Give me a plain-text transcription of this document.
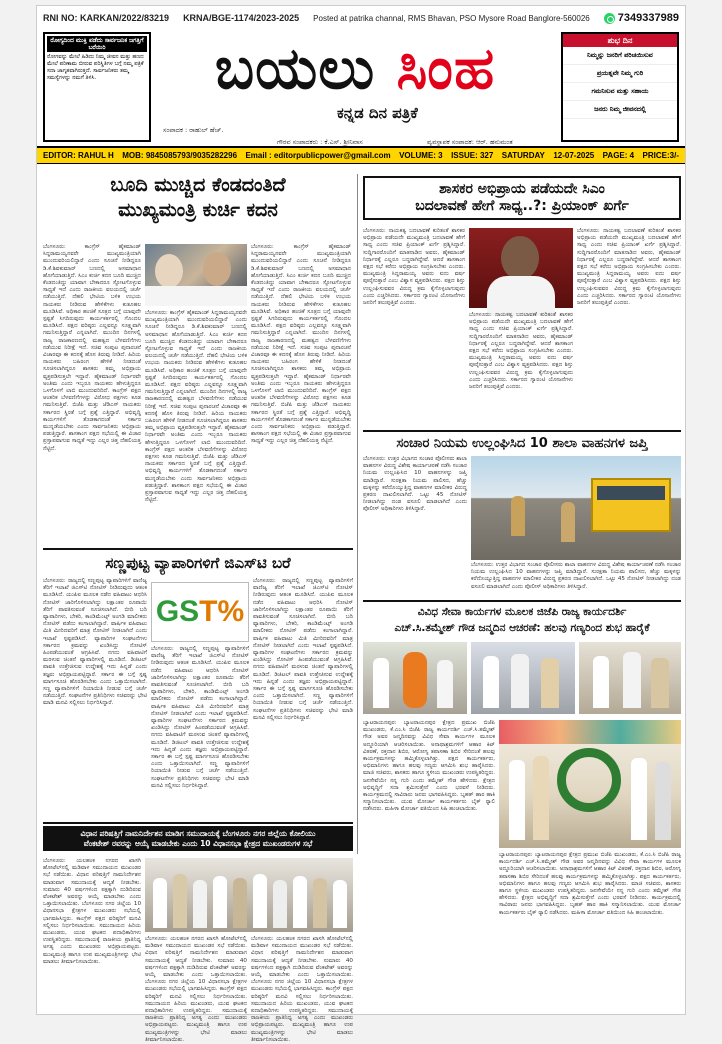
RNI NO: KARKAN/2022/83219 KRNA/BGE-1174/2023-2025 Posted at patrika channal, RMS Bhavan, PSO Mysore Road Banglore-560026	7349337989
ರೋಗ್ಯದಿಂದ ಮುಕ್ತಿ ಪಡೆದು ಸಾರ್ವಜನಿಕ ಜಗತ್ತಿಗೆ ಬರೆಯಿರಿ
ರೋಗವನ್ನು ಮೇಲೆ ಹಿಡಿದು ನಿಮ್ಮ ಜೀವನ ಮತ್ತು ಹಣದ ಮೇಲೆ ಪರಿಣಾಮ ಬೀರುವ ಪರಿಸ್ಥಿತಿಗಳ ಬಗ್ಗೆ ನಮ್ಮ ಪತ್ರಿಕೆ ಸದಾ ಜಾಗೃತವಾಗಿರುತ್ತದೆ. ಸಾರ್ವಜನಿಕರು ತಮ್ಮ ಸಮಸ್ಯೆಗಳನ್ನು ನಮಗೆ ತಿಳಿಸಿ.	ಬಯಲು ಸಿಂಹ
ಕನ್ನಡ ದಿನ ಪತ್ರಿಕೆ
ಸಂಪಾದಕ : ರಾಹುಲ್ ಹೆಚ್.
ಗೌರವ ಸಂಪಾದಕರು : ಕೆ.ಎಸ್. ಶ್ರೀನಿವಾಸ	ವ್ಯವಸ್ಥಾಪಕ ಸಂಪಾದಕ: ಆರ್. ಹನುಮಂತ
ಶುಭ ದಿನ
ನಿಮ್ಮನ್ನು ಜನರಿಗೆ ಪರಿಚಯಿಸುವ
ಪ್ರಯತ್ನವೇ ನಿಮ್ಮ ಗುರಿ
ಗಮನಿಸುವ ಮತ್ತು ಸಹಾಯ
ಜನರು ನಿಮ್ಮ ಜೀವನದಲ್ಲಿ
EDITOR: RAHUL H MOB: 9845085793/9035282296 Email : editorpublicpower@gmail.com VOLUME: 3 ISSUE: 327 SATURDAY 12-07-2025 PAGE: 4 PRICE:3/-
ಬೂದಿ ಮುಚ್ಚಿದ ಕೆಂಡದಂತಿದೆ
ಮುಖ್ಯಮಂತ್ರಿ ಕುರ್ಚಿ ಕದನ
ಬೆಂಗಳೂರು: ಕಾಂಗ್ರೆಸ್ ಹೈಕಮಾಂಡ್ ಸಿದ್ದರಾಮಯ್ಯನವರೇ ಮುಖ್ಯಮಂತ್ರಿಯಾಗಿ ಮುಂದುವರಿಯಲಿದ್ದಾರೆ ಎಂದು ಸೂಚನೆ ನೀಡಿದ್ದರೂ ಡಿ.ಕೆ.ಶಿವಕುಮಾರ್ ಬಣದಲ್ಲಿ ಅಸಮಾಧಾನ ಹೊಗೆಯಾಡುತ್ತಿದೆ. ಸಿಎಂ ಕುರ್ಚಿ ಕದನ ಬೂದಿ ಮುಚ್ಚಿದ ಕೆಂಡದಂತಿದ್ದು ಯಾವಾಗ ಬೇಕಾದರೂ ಸ್ಫೋಟಗೊಳ್ಳುವ ಸಾಧ್ಯತೆ ಇದೆ ಎಂದು ರಾಜಕೀಯ ವಲಯದಲ್ಲಿ ಚರ್ಚೆ ನಡೆಯುತ್ತಿದೆ. ದೆಹಲಿ ಭೇಟಿಯ ಬಳಿಕ ಉಭಯ ನಾಯಕರು ನೀಡಿರುವ ಹೇಳಿಕೆಗಳು ಕುತೂಹಲ ಮೂಡಿಸಿವೆ. ಅಧಿಕಾರ ಹಂಚಿಕೆ ಸೂತ್ರದ ಬಗ್ಗೆ ಯಾವುದೇ ಸ್ಪಷ್ಟತೆ ಸಿಗದಿರುವುದು ಕಾರ್ಯಕರ್ತರಲ್ಲಿ ಗೊಂದಲ ಮೂಡಿಸಿದೆ. ಪಕ್ಷದ ವರಿಷ್ಠರು ಎಲ್ಲವನ್ನೂ ಸೂಕ್ಷ್ಮವಾಗಿ ಗಮನಿಸುತ್ತಿದ್ದಾರೆ ಎನ್ನಲಾಗಿದೆ. ಮುಂದಿನ ದಿನಗಳಲ್ಲಿ ರಾಜ್ಯ ರಾಜಕಾರಣದಲ್ಲಿ ಮಹತ್ವದ ಬೆಳವಣಿಗೆಗಳು ನಡೆಯುವ ನಿರೀಕ್ಷೆ ಇದೆ. ಸಚಿವ ಸಂಪುಟ ಪುನಾರಚನೆ ವಿಚಾರವೂ ಈ ಕದನಕ್ಕೆ ಹೊಸ ತಿರುವು ನೀಡಿದೆ. ಹಿರಿಯ ನಾಯಕರು ಬಹಿರಂಗ ಹೇಳಿಕೆ ನೀಡದಂತೆ ಸೂಚಿಸಲಾಗಿದ್ದರೂ ಶಾಸಕರು ತಮ್ಮ ಅಭಿಪ್ರಾಯ ವ್ಯಕ್ತಪಡಿಸುತ್ತಲೇ ಇದ್ದಾರೆ. ಹೈಕಮಾಂಡ್ ನಿರ್ಧಾರವೇ ಅಂತಿಮ ಎಂದು ಇಬ್ಬರೂ ನಾಯಕರು ಹೇಳುತ್ತಿದ್ದರೂ ಒಳಗೊಳಗೆ ಲಾಬಿ ಮುಂದುವರಿದಿದೆ. ಕಾಂಗ್ರೆಸ್ ಪಕ್ಷದ ಆಂತರಿಕ ಬೆಳವಣಿಗೆಗಳನ್ನು ವಿರೋಧ ಪಕ್ಷಗಳು ಕೂಡ ಗಮನಿಸುತ್ತಿವೆ. ಬಿಜೆಪಿ ಮತ್ತು ಜೆಡಿಎಸ್ ನಾಯಕರು ಸರ್ಕಾರದ ಸ್ಥಿರತೆ ಬಗ್ಗೆ ಪ್ರಶ್ನೆ ಎತ್ತಿದ್ದಾರೆ. ಅಭಿವೃದ್ಧಿ ಕಾರ್ಯಗಳಿಗೆ ತೊಡಕಾಗದಂತೆ ಸರ್ಕಾರ ಮುನ್ನಡೆಯಬೇಕು ಎಂದು ಸಾರ್ವಜನಿಕರು ಅಭಿಪ್ರಾಯ ಪಡುತ್ತಿದ್ದಾರೆ. ಶಾಸಕಾಂಗ ಪಕ್ಷದ ಸಭೆಯಲ್ಲಿ ಈ ವಿಚಾರ ಪ್ರಸ್ತಾಪವಾಗುವ ಸಾಧ್ಯತೆ ಇದ್ದು ಎಲ್ಲರ ಚಿತ್ತ ದೆಹಲಿಯತ್ತ ನೆಟ್ಟಿದೆ.
ಬೆಂಗಳೂರು: ಕಾಂಗ್ರೆಸ್ ಹೈಕಮಾಂಡ್ ಸಿದ್ದರಾಮಯ್ಯನವರೇ ಮುಖ್ಯಮಂತ್ರಿಯಾಗಿ ಮುಂದುವರಿಯಲಿದ್ದಾರೆ ಎಂದು ಸೂಚನೆ ನೀಡಿದ್ದರೂ ಡಿ.ಕೆ.ಶಿವಕುಮಾರ್ ಬಣದಲ್ಲಿ ಅಸಮಾಧಾನ ಹೊಗೆಯಾಡುತ್ತಿದೆ. ಸಿಎಂ ಕುರ್ಚಿ ಕದನ ಬೂದಿ ಮುಚ್ಚಿದ ಕೆಂಡದಂತಿದ್ದು ಯಾವಾಗ ಬೇಕಾದರೂ ಸ್ಫೋಟಗೊಳ್ಳುವ ಸಾಧ್ಯತೆ ಇದೆ ಎಂದು ರಾಜಕೀಯ ವಲಯದಲ್ಲಿ ಚರ್ಚೆ ನಡೆಯುತ್ತಿದೆ. ದೆಹಲಿ ಭೇಟಿಯ ಬಳಿಕ ಉಭಯ ನಾಯಕರು ನೀಡಿರುವ ಹೇಳಿಕೆಗಳು ಕುತೂಹಲ ಮೂಡಿಸಿವೆ. ಅಧಿಕಾರ ಹಂಚಿಕೆ ಸೂತ್ರದ ಬಗ್ಗೆ ಯಾವುದೇ ಸ್ಪಷ್ಟತೆ ಸಿಗದಿರುವುದು ಕಾರ್ಯಕರ್ತರಲ್ಲಿ ಗೊಂದಲ ಮೂಡಿಸಿದೆ. ಪಕ್ಷದ ವರಿಷ್ಠರು ಎಲ್ಲವನ್ನೂ ಸೂಕ್ಷ್ಮವಾಗಿ ಗಮನಿಸುತ್ತಿದ್ದಾರೆ ಎನ್ನಲಾಗಿದೆ. ಮುಂದಿನ ದಿನಗಳಲ್ಲಿ ರಾಜ್ಯ ರಾಜಕಾರಣದಲ್ಲಿ ಮಹತ್ವದ ಬೆಳವಣಿಗೆಗಳು ನಡೆಯುವ ನಿರೀಕ್ಷೆ ಇದೆ. ಸಚಿವ ಸಂಪುಟ ಪುನಾರಚನೆ ವಿಚಾರವೂ ಈ ಕದನಕ್ಕೆ ಹೊಸ ತಿರುವು ನೀಡಿದೆ. ಹಿರಿಯ ನಾಯಕರು ಬಹಿರಂಗ ಹೇಳಿಕೆ ನೀಡದಂತೆ ಸೂಚಿಸಲಾಗಿದ್ದರೂ ಶಾಸಕರು ತಮ್ಮ ಅಭಿಪ್ರಾಯ ವ್ಯಕ್ತಪಡಿಸುತ್ತಲೇ ಇದ್ದಾರೆ. ಹೈಕಮಾಂಡ್ ನಿರ್ಧಾರವೇ ಅಂತಿಮ ಎಂದು ಇಬ್ಬರೂ ನಾಯಕರು ಹೇಳುತ್ತಿದ್ದರೂ ಒಳಗೊಳಗೆ ಲಾಬಿ ಮುಂದುವರಿದಿದೆ. ಕಾಂಗ್ರೆಸ್ ಪಕ್ಷದ ಆಂತರಿಕ ಬೆಳವಣಿಗೆಗಳನ್ನು ವಿರೋಧ ಪಕ್ಷಗಳು ಕೂಡ ಗಮನಿಸುತ್ತಿವೆ. ಬಿಜೆಪಿ ಮತ್ತು ಜೆಡಿಎಸ್ ನಾಯಕರು ಸರ್ಕಾರದ ಸ್ಥಿರತೆ ಬಗ್ಗೆ ಪ್ರಶ್ನೆ ಎತ್ತಿದ್ದಾರೆ. ಅಭಿವೃದ್ಧಿ ಕಾರ್ಯಗಳಿಗೆ ತೊಡಕಾಗದಂತೆ ಸರ್ಕಾರ ಮುನ್ನಡೆಯಬೇಕು ಎಂದು ಸಾರ್ವಜನಿಕರು ಅಭಿಪ್ರಾಯ ಪಡುತ್ತಿದ್ದಾರೆ. ಶಾಸಕಾಂಗ ಪಕ್ಷದ ಸಭೆಯಲ್ಲಿ ಈ ವಿಚಾರ ಪ್ರಸ್ತಾಪವಾಗುವ ಸಾಧ್ಯತೆ ಇದ್ದು ಎಲ್ಲರ ಚಿತ್ತ ದೆಹಲಿಯತ್ತ ನೆಟ್ಟಿದೆ.
ಬೆಂಗಳೂರು: ಕಾಂಗ್ರೆಸ್ ಹೈಕಮಾಂಡ್ ಸಿದ್ದರಾಮಯ್ಯನವರೇ ಮುಖ್ಯಮಂತ್ರಿಯಾಗಿ ಮುಂದುವರಿಯಲಿದ್ದಾರೆ ಎಂದು ಸೂಚನೆ ನೀಡಿದ್ದರೂ ಡಿ.ಕೆ.ಶಿವಕುಮಾರ್ ಬಣದಲ್ಲಿ ಅಸಮಾಧಾನ ಹೊಗೆಯಾಡುತ್ತಿದೆ. ಸಿಎಂ ಕುರ್ಚಿ ಕದನ ಬೂದಿ ಮುಚ್ಚಿದ ಕೆಂಡದಂತಿದ್ದು ಯಾವಾಗ ಬೇಕಾದರೂ ಸ್ಫೋಟಗೊಳ್ಳುವ ಸಾಧ್ಯತೆ ಇದೆ ಎಂದು ರಾಜಕೀಯ ವಲಯದಲ್ಲಿ ಚರ್ಚೆ ನಡೆಯುತ್ತಿದೆ. ದೆಹಲಿ ಭೇಟಿಯ ಬಳಿಕ ಉಭಯ ನಾಯಕರು ನೀಡಿರುವ ಹೇಳಿಕೆಗಳು ಕುತೂಹಲ ಮೂಡಿಸಿವೆ. ಅಧಿಕಾರ ಹಂಚಿಕೆ ಸೂತ್ರದ ಬಗ್ಗೆ ಯಾವುದೇ ಸ್ಪಷ್ಟತೆ ಸಿಗದಿರುವುದು ಕಾರ್ಯಕರ್ತರಲ್ಲಿ ಗೊಂದಲ ಮೂಡಿಸಿದೆ. ಪಕ್ಷದ ವರಿಷ್ಠರು ಎಲ್ಲವನ್ನೂ ಸೂಕ್ಷ್ಮವಾಗಿ ಗಮನಿಸುತ್ತಿದ್ದಾರೆ ಎನ್ನಲಾಗಿದೆ. ಮುಂದಿನ ದಿನಗಳಲ್ಲಿ ರಾಜ್ಯ ರಾಜಕಾರಣದಲ್ಲಿ ಮಹತ್ವದ ಬೆಳವಣಿಗೆಗಳು ನಡೆಯುವ ನಿರೀಕ್ಷೆ ಇದೆ. ಸಚಿವ ಸಂಪುಟ ಪುನಾರಚನೆ ವಿಚಾರವೂ ಈ ಕದನಕ್ಕೆ ಹೊಸ ತಿರುವು ನೀಡಿದೆ. ಹಿರಿಯ ನಾಯಕರು ಬಹಿರಂಗ ಹೇಳಿಕೆ ನೀಡದಂತೆ ಸೂಚಿಸಲಾಗಿದ್ದರೂ ಶಾಸಕರು ತಮ್ಮ ಅಭಿಪ್ರಾಯ ವ್ಯಕ್ತಪಡಿಸುತ್ತಲೇ ಇದ್ದಾರೆ. ಹೈಕಮಾಂಡ್ ನಿರ್ಧಾರವೇ ಅಂತಿಮ ಎಂದು ಇಬ್ಬರೂ ನಾಯಕರು ಹೇಳುತ್ತಿದ್ದರೂ ಒಳಗೊಳಗೆ ಲಾಬಿ ಮುಂದುವರಿದಿದೆ. ಕಾಂಗ್ರೆಸ್ ಪಕ್ಷದ ಆಂತರಿಕ ಬೆಳವಣಿಗೆಗಳನ್ನು ವಿರೋಧ ಪಕ್ಷಗಳು ಕೂಡ ಗಮನಿಸುತ್ತಿವೆ. ಬಿಜೆಪಿ ಮತ್ತು ಜೆಡಿಎಸ್ ನಾಯಕರು ಸರ್ಕಾರದ ಸ್ಥಿರತೆ ಬಗ್ಗೆ ಪ್ರಶ್ನೆ ಎತ್ತಿದ್ದಾರೆ. ಅಭಿವೃದ್ಧಿ ಕಾರ್ಯಗಳಿಗೆ ತೊಡಕಾಗದಂತೆ ಸರ್ಕಾರ ಮುನ್ನಡೆಯಬೇಕು ಎಂದು ಸಾರ್ವಜನಿಕರು ಅಭಿಪ್ರಾಯ ಪಡುತ್ತಿದ್ದಾರೆ. ಶಾಸಕಾಂಗ ಪಕ್ಷದ ಸಭೆಯಲ್ಲಿ ಈ ವಿಚಾರ ಪ್ರಸ್ತಾಪವಾಗುವ ಸಾಧ್ಯತೆ ಇದ್ದು ಎಲ್ಲರ ಚಿತ್ತ ದೆಹಲಿಯತ್ತ ನೆಟ್ಟಿದೆ.
ಶಾಸಕರ ಅಭಿಪ್ರಾಯ ಪಡೆಯದೇ ಸಿಎಂ
ಬದಲಾವಣೆ ಹೇಗೆ ಸಾಧ್ಯ..?: ಪ್ರಿಯಾಂಕ್ ಖರ್ಗೆ
ಬೆಂಗಳೂರು: ನಾಯಕತ್ವ ಬದಲಾವಣೆ ಕುರಿತಂತೆ ಶಾಸಕರ ಅಭಿಪ್ರಾಯ ಪಡೆಯದೇ ಮುಖ್ಯಮಂತ್ರಿ ಬದಲಾವಣೆ ಹೇಗೆ ಸಾಧ್ಯ ಎಂದು ಸಚಿವ ಪ್ರಿಯಾಂಕ್ ಖರ್ಗೆ ಪ್ರಶ್ನಿಸಿದ್ದಾರೆ. ಸುದ್ದಿಗಾರರೊಂದಿಗೆ ಮಾತನಾಡಿದ ಅವರು, ಹೈಕಮಾಂಡ್ ನಿರ್ಧಾರಕ್ಕೆ ಎಲ್ಲರೂ ಬದ್ಧರಾಗಿದ್ದೇವೆ. ಆದರೆ ಶಾಸಕಾಂಗ ಪಕ್ಷದ ಸಭೆ ಕರೆದು ಅಭಿಪ್ರಾಯ ಸಂಗ್ರಹಿಸಬೇಕು ಎಂದರು. ಮುಖ್ಯಮಂತ್ರಿ ಸಿದ್ದರಾಮಯ್ಯ ಅವರು ಐದು ವರ್ಷ ಪೂರೈಸುತ್ತಾರೆ ಎಂಬ ವಿಶ್ವಾಸ ವ್ಯಕ್ತಪಡಿಸಿದರು. ಪಕ್ಷದ ಶಿಸ್ತು ಉಲ್ಲಂಘಿಸುವವರ ವಿರುದ್ಧ ಕ್ರಮ ಕೈಗೊಳ್ಳಲಾಗುವುದು ಎಂದು ಎಚ್ಚರಿಸಿದರು. ಸರ್ಕಾರದ ಗ್ಯಾರಂಟಿ ಯೋಜನೆಗಳು ಜನರಿಗೆ ತಲುಪುತ್ತಿವೆ ಎಂದರು.
ಬೆಂಗಳೂರು: ನಾಯಕತ್ವ ಬದಲಾವಣೆ ಕುರಿತಂತೆ ಶಾಸಕರ ಅಭಿಪ್ರಾಯ ಪಡೆಯದೇ ಮುಖ್ಯಮಂತ್ರಿ ಬದಲಾವಣೆ ಹೇಗೆ ಸಾಧ್ಯ ಎಂದು ಸಚಿವ ಪ್ರಿಯಾಂಕ್ ಖರ್ಗೆ ಪ್ರಶ್ನಿಸಿದ್ದಾರೆ. ಸುದ್ದಿಗಾರರೊಂದಿಗೆ ಮಾತನಾಡಿದ ಅವರು, ಹೈಕಮಾಂಡ್ ನಿರ್ಧಾರಕ್ಕೆ ಎಲ್ಲರೂ ಬದ್ಧರಾಗಿದ್ದೇವೆ. ಆದರೆ ಶಾಸಕಾಂಗ ಪಕ್ಷದ ಸಭೆ ಕರೆದು ಅಭಿಪ್ರಾಯ ಸಂಗ್ರಹಿಸಬೇಕು ಎಂದರು. ಮುಖ್ಯಮಂತ್ರಿ ಸಿದ್ದರಾಮಯ್ಯ ಅವರು ಐದು ವರ್ಷ ಪೂರೈಸುತ್ತಾರೆ ಎಂಬ ವಿಶ್ವಾಸ ವ್ಯಕ್ತಪಡಿಸಿದರು. ಪಕ್ಷದ ಶಿಸ್ತು ಉಲ್ಲಂಘಿಸುವವರ ವಿರುದ್ಧ ಕ್ರಮ ಕೈಗೊಳ್ಳಲಾಗುವುದು ಎಂದು ಎಚ್ಚರಿಸಿದರು. ಸರ್ಕಾರದ ಗ್ಯಾರಂಟಿ ಯೋಜನೆಗಳು ಜನರಿಗೆ ತಲುಪುತ್ತಿವೆ ಎಂದರು.
ಬೆಂಗಳೂರು: ನಾಯಕತ್ವ ಬದಲಾವಣೆ ಕುರಿತಂತೆ ಶಾಸಕರ ಅಭಿಪ್ರಾಯ ಪಡೆಯದೇ ಮುಖ್ಯಮಂತ್ರಿ ಬದಲಾವಣೆ ಹೇಗೆ ಸಾಧ್ಯ ಎಂದು ಸಚಿವ ಪ್ರಿಯಾಂಕ್ ಖರ್ಗೆ ಪ್ರಶ್ನಿಸಿದ್ದಾರೆ. ಸುದ್ದಿಗಾರರೊಂದಿಗೆ ಮಾತನಾಡಿದ ಅವರು, ಹೈಕಮಾಂಡ್ ನಿರ್ಧಾರಕ್ಕೆ ಎಲ್ಲರೂ ಬದ್ಧರಾಗಿದ್ದೇವೆ. ಆದರೆ ಶಾಸಕಾಂಗ ಪಕ್ಷದ ಸಭೆ ಕರೆದು ಅಭಿಪ್ರಾಯ ಸಂಗ್ರಹಿಸಬೇಕು ಎಂದರು. ಮುಖ್ಯಮಂತ್ರಿ ಸಿದ್ದರಾಮಯ್ಯ ಅವರು ಐದು ವರ್ಷ ಪೂರೈಸುತ್ತಾರೆ ಎಂಬ ವಿಶ್ವಾಸ ವ್ಯಕ್ತಪಡಿಸಿದರು. ಪಕ್ಷದ ಶಿಸ್ತು ಉಲ್ಲಂಘಿಸುವವರ ವಿರುದ್ಧ ಕ್ರಮ ಕೈಗೊಳ್ಳಲಾಗುವುದು ಎಂದು ಎಚ್ಚರಿಸಿದರು. ಸರ್ಕಾರದ ಗ್ಯಾರಂಟಿ ಯೋಜನೆಗಳು ಜನರಿಗೆ ತಲುಪುತ್ತಿವೆ ಎಂದರು.
ಸಂಚಾರ ನಿಯಮ ಉಲ್ಲಂಘಿಸಿದ 10 ಶಾಲಾ ವಾಹನಗಳ ಜಪ್ತಿ
ಬೆಂಗಳೂರು: ಉತ್ತರ ವಿಭಾಗದ ಸಂಚಾರ ಪೊಲೀಸರು ಶಾಲಾ ವಾಹನಗಳ ವಿರುದ್ಧ ವಿಶೇಷ ಕಾರ್ಯಾಚರಣೆ ನಡೆಸಿ ಸಂಚಾರ ನಿಯಮ ಉಲ್ಲಂಘಿಸಿದ 10 ವಾಹನಗಳನ್ನು ಜಪ್ತಿ ಮಾಡಿದ್ದಾರೆ. ಸುರಕ್ಷತಾ ನಿಯಮ ಪಾಲಿಸದ, ಹೆಚ್ಚು ಮಕ್ಕಳನ್ನು ಕರೆದೊಯ್ಯುತ್ತಿದ್ದ ವಾಹನಗಳ ಮಾಲೀಕರ ವಿರುದ್ಧ ಪ್ರಕರಣ ದಾಖಲಿಸಲಾಗಿದೆ. ಒಟ್ಟು 45 ನೋಟಿಸ್ ನೀಡಲಾಗಿದ್ದು ದಂಡ ವಸೂಲಿ ಮಾಡಲಾಗಿದೆ ಎಂದು ಪೊಲೀಸ್ ಅಧಿಕಾರಿಗಳು ತಿಳಿಸಿದ್ದಾರೆ.
ಬೆಂಗಳೂರು: ಉತ್ತರ ವಿಭಾಗದ ಸಂಚಾರ ಪೊಲೀಸರು ಶಾಲಾ ವಾಹನಗಳ ವಿರುದ್ಧ ವಿಶೇಷ ಕಾರ್ಯಾಚರಣೆ ನಡೆಸಿ ಸಂಚಾರ ನಿಯಮ ಉಲ್ಲಂಘಿಸಿದ 10 ವಾಹನಗಳನ್ನು ಜಪ್ತಿ ಮಾಡಿದ್ದಾರೆ. ಸುರಕ್ಷತಾ ನಿಯಮ ಪಾಲಿಸದ, ಹೆಚ್ಚು ಮಕ್ಕಳನ್ನು ಕರೆದೊಯ್ಯುತ್ತಿದ್ದ ವಾಹನಗಳ ಮಾಲೀಕರ ವಿರುದ್ಧ ಪ್ರಕರಣ ದಾಖಲಿಸಲಾಗಿದೆ. ಒಟ್ಟು 45 ನೋಟಿಸ್ ನೀಡಲಾಗಿದ್ದು ದಂಡ ವಸೂಲಿ ಮಾಡಲಾಗಿದೆ ಎಂದು ಪೊಲೀಸ್ ಅಧಿಕಾರಿಗಳು ತಿಳಿಸಿದ್ದಾರೆ.
ವಿವಿಧ ಸೇವಾ ಕಾರ್ಯಗಳ ಮೂಲಕ ಜಿಜೆಪಿ ರಾಜ್ಯ ಕಾರ್ಯದರ್ಶಿ
ಎಚ್.ಸಿ.ತಮ್ಮೇಶ್ ಗೌಡ ಜನ್ಮದಿನ ಆಚರಣೆ: ಹಲವು ಗಣ್ಯರಿಂದ ಶುಭ ಹಾರೈಕೆ
ಬ್ಯಾಟರಾಯನಪುರ: ಬ್ಯಾಟರಾಯನಪುರ ಕ್ಷೇತ್ರದ ಪ್ರಮುಖ ಬಿಜೆಪಿ ಮುಖಂಡರು, ಕೆ.ಎಂ.ಸಿ ಬಿಜೆಪಿ ರಾಜ್ಯ ಕಾರ್ಯದರ್ಶಿ ಎಚ್.ಸಿ.ತಮ್ಮೇಶ್ ಗೌಡ ಅವರ ಜನ್ಮದಿನವನ್ನು ವಿವಿಧ ಸೇವಾ ಕಾರ್ಯಗಳ ಮೂಲಕ ಅದ್ದೂರಿಯಾಗಿ ಆಚರಿಸಲಾಯಿತು. ಅನಾಥಾಶ್ರಮಗಳಿಗೆ ಆಹಾರ ಕಿಟ್ ವಿತರಣೆ, ರಕ್ತದಾನ ಶಿಬಿರ, ಆರೋಗ್ಯ ತಪಾಸಣಾ ಶಿಬಿರ ಸೇರಿದಂತೆ ಹಲವು ಕಾರ್ಯಕ್ರಮಗಳನ್ನು ಹಮ್ಮಿಕೊಳ್ಳಲಾಗಿತ್ತು. ಪಕ್ಷದ ಕಾರ್ಯಕರ್ತರು, ಅಭಿಮಾನಿಗಳು ಹಾಗೂ ಹಲವು ಗಣ್ಯರು ಆಗಮಿಸಿ ಶುಭ ಹಾರೈಸಿದರು. ಮಾಜಿ ಸಚಿವರು, ಶಾಸಕರು ಹಾಗೂ ಸ್ಥಳೀಯ ಮುಖಂಡರು ಉಪಸ್ಥಿತರಿದ್ದರು. ಜನಸೇವೆಯೇ ನನ್ನ ಗುರಿ ಎಂದು ತಮ್ಮೇಶ್ ಗೌಡ ಹೇಳಿದರು. ಕ್ಷೇತ್ರದ ಅಭಿವೃದ್ಧಿಗೆ ಸದಾ ಶ್ರಮಿಸುತ್ತೇನೆ ಎಂದು ಭರವಸೆ ನೀಡಿದರು. ಕಾರ್ಯಕ್ರಮದಲ್ಲಿ ಸಾವಿರಾರು ಜನರು ಭಾಗವಹಿಸಿದ್ದರು. ಬೃಹತ್ ಹಾರ ಹಾಕಿ ಸನ್ಮಾನಿಸಲಾಯಿತು. ಯುವ ಮೋರ್ಚಾ ಕಾರ್ಯಕರ್ತರು ಬೈಕ್ ರ‍್ಯಾಲಿ ನಡೆಸಿದರು. ಮಹಿಳಾ ಮೋರ್ಚಾ ವತಿಯಿಂದ ಸಿಹಿ ಹಂಚಲಾಯಿತು.
ಬ್ಯಾಟರಾಯನಪುರ: ಬ್ಯಾಟರಾಯನಪುರ ಕ್ಷೇತ್ರದ ಪ್ರಮುಖ ಬಿಜೆಪಿ ಮುಖಂಡರು, ಕೆ.ಎಂ.ಸಿ ಬಿಜೆಪಿ ರಾಜ್ಯ ಕಾರ್ಯದರ್ಶಿ ಎಚ್.ಸಿ.ತಮ್ಮೇಶ್ ಗೌಡ ಅವರ ಜನ್ಮದಿನವನ್ನು ವಿವಿಧ ಸೇವಾ ಕಾರ್ಯಗಳ ಮೂಲಕ ಅದ್ದೂರಿಯಾಗಿ ಆಚರಿಸಲಾಯಿತು. ಅನಾಥಾಶ್ರಮಗಳಿಗೆ ಆಹಾರ ಕಿಟ್ ವಿತರಣೆ, ರಕ್ತದಾನ ಶಿಬಿರ, ಆರೋಗ್ಯ ತಪಾಸಣಾ ಶಿಬಿರ ಸೇರಿದಂತೆ ಹಲವು ಕಾರ್ಯಕ್ರಮಗಳನ್ನು ಹಮ್ಮಿಕೊಳ್ಳಲಾಗಿತ್ತು. ಪಕ್ಷದ ಕಾರ್ಯಕರ್ತರು, ಅಭಿಮಾನಿಗಳು ಹಾಗೂ ಹಲವು ಗಣ್ಯರು ಆಗಮಿಸಿ ಶುಭ ಹಾರೈಸಿದರು. ಮಾಜಿ ಸಚಿವರು, ಶಾಸಕರು ಹಾಗೂ ಸ್ಥಳೀಯ ಮುಖಂಡರು ಉಪಸ್ಥಿತರಿದ್ದರು. ಜನಸೇವೆಯೇ ನನ್ನ ಗುರಿ ಎಂದು ತಮ್ಮೇಶ್ ಗೌಡ ಹೇಳಿದರು. ಕ್ಷೇತ್ರದ ಅಭಿವೃದ್ಧಿಗೆ ಸದಾ ಶ್ರಮಿಸುತ್ತೇನೆ ಎಂದು ಭರವಸೆ ನೀಡಿದರು. ಕಾರ್ಯಕ್ರಮದಲ್ಲಿ ಸಾವಿರಾರು ಜನರು ಭಾಗವಹಿಸಿದ್ದರು. ಬೃಹತ್ ಹಾರ ಹಾಕಿ ಸನ್ಮಾನಿಸಲಾಯಿತು. ಯುವ ಮೋರ್ಚಾ ಕಾರ್ಯಕರ್ತರು ಬೈಕ್ ರ‍್ಯಾಲಿ ನಡೆಸಿದರು. ಮಹಿಳಾ ಮೋರ್ಚಾ ವತಿಯಿಂದ ಸಿಹಿ ಹಂಚಲಾಯಿತು.
ಸಣ್ಣಪುಟ್ಟ ವ್ಯಾಪಾರಿಗಳಿಗೆ ಜಿಎಸ್‌ಟಿ ಬರೆ
ಬೆಂಗಳೂರು: ರಾಜ್ಯದಲ್ಲಿ ಸಣ್ಣಪುಟ್ಟ ವ್ಯಾಪಾರಿಗಳಿಗೆ ವಾಣಿಜ್ಯ ತೆರಿಗೆ ಇಲಾಖೆ ಜಿಎಸ್‌ಟಿ ನೋಟಿಸ್ ನೀಡಿರುವುದು ಆತಂಕ ಮೂಡಿಸಿದೆ. ಯುಪಿಐ ಮೂಲಕ ನಡೆದ ವಹಿವಾಟು ಆಧರಿಸಿ ನೋಟಿಸ್ ಜಾರಿಗೊಳಿಸಲಾಗಿದ್ದು ಲಕ್ಷಾಂತರ ರೂಪಾಯಿ ತೆರಿಗೆ ಪಾವತಿಸುವಂತೆ ಸೂಚಿಸಲಾಗಿದೆ. ಬೀದಿ ಬದಿ ವ್ಯಾಪಾರಿಗಳು, ಬೇಕರಿ, ಕಾಂಡಿಮೆಂಟ್ಸ್ ಅಂಗಡಿ ಮಾಲೀಕರು ನೋಟಿಸ್ ಪಡೆದು ಕಂಗಾಲಾಗಿದ್ದಾರೆ. ವಾರ್ಷಿಕ ವಹಿವಾಟು ಮಿತಿ ಮೀರಿದವರಿಗೆ ಮಾತ್ರ ನೋಟಿಸ್ ನೀಡಲಾಗಿದೆ ಎಂದು ಇಲಾಖೆ ಸ್ಪಷ್ಟಪಡಿಸಿದೆ. ವ್ಯಾಪಾರಿಗಳ ಸಂಘಟನೆಗಳು ಸರ್ಕಾರದ ಕ್ರಮವನ್ನು ಖಂಡಿಸಿದ್ದು ನೋಟಿಸ್ ಹಿಂಪಡೆಯುವಂತೆ ಆಗ್ರಹಿಸಿವೆ. ನಗದು ವಹಿವಾಟಿಗೆ ಮರಳುವ ಚಿಂತನೆ ವ್ಯಾಪಾರಿಗಳಲ್ಲಿ ಮೂಡಿದೆ. ಡಿಜಿಟಲ್ ಪಾವತಿ ಉತ್ತೇಜಿಸುವ ಉದ್ದೇಶಕ್ಕೆ ಇದು ಹಿನ್ನಡೆ ಎಂದು ತಜ್ಞರು ಅಭಿಪ್ರಾಯಪಟ್ಟಿದ್ದಾರೆ. ಸರ್ಕಾರ ಈ ಬಗ್ಗೆ ಸ್ಪಷ್ಟ ಮಾರ್ಗಸೂಚಿ ಹೊರಡಿಸಬೇಕು ಎಂದು ಒತ್ತಾಯಿಸಲಾಗಿದೆ. ಸಣ್ಣ ವ್ಯಾಪಾರಿಗಳಿಗೆ ರಿಯಾಯಿತಿ ನೀಡುವ ಬಗ್ಗೆ ಚರ್ಚೆ ನಡೆಯುತ್ತಿದೆ. ಸಂಘಟನೆಗಳ ಪ್ರತಿನಿಧಿಗಳು ಸಚಿವರನ್ನು ಭೇಟಿ ಮಾಡಿ ಮನವಿ ಸಲ್ಲಿಸಲು ನಿರ್ಧರಿಸಿದ್ದಾರೆ.
GST%
ಬೆಂಗಳೂರು: ರಾಜ್ಯದಲ್ಲಿ ಸಣ್ಣಪುಟ್ಟ ವ್ಯಾಪಾರಿಗಳಿಗೆ ವಾಣಿಜ್ಯ ತೆರಿಗೆ ಇಲಾಖೆ ಜಿಎಸ್‌ಟಿ ನೋಟಿಸ್ ನೀಡಿರುವುದು ಆತಂಕ ಮೂಡಿಸಿದೆ. ಯುಪಿಐ ಮೂಲಕ ನಡೆದ ವಹಿವಾಟು ಆಧರಿಸಿ ನೋಟಿಸ್ ಜಾರಿಗೊಳಿಸಲಾಗಿದ್ದು ಲಕ್ಷಾಂತರ ರೂಪಾಯಿ ತೆರಿಗೆ ಪಾವತಿಸುವಂತೆ ಸೂಚಿಸಲಾಗಿದೆ. ಬೀದಿ ಬದಿ ವ್ಯಾಪಾರಿಗಳು, ಬೇಕರಿ, ಕಾಂಡಿಮೆಂಟ್ಸ್ ಅಂಗಡಿ ಮಾಲೀಕರು ನೋಟಿಸ್ ಪಡೆದು ಕಂಗಾಲಾಗಿದ್ದಾರೆ. ವಾರ್ಷಿಕ ವಹಿವಾಟು ಮಿತಿ ಮೀರಿದವರಿಗೆ ಮಾತ್ರ ನೋಟಿಸ್ ನೀಡಲಾಗಿದೆ ಎಂದು ಇಲಾಖೆ ಸ್ಪಷ್ಟಪಡಿಸಿದೆ. ವ್ಯಾಪಾರಿಗಳ ಸಂಘಟನೆಗಳು ಸರ್ಕಾರದ ಕ್ರಮವನ್ನು ಖಂಡಿಸಿದ್ದು ನೋಟಿಸ್ ಹಿಂಪಡೆಯುವಂತೆ ಆಗ್ರಹಿಸಿವೆ. ನಗದು ವಹಿವಾಟಿಗೆ ಮರಳುವ ಚಿಂತನೆ ವ್ಯಾಪಾರಿಗಳಲ್ಲಿ ಮೂಡಿದೆ. ಡಿಜಿಟಲ್ ಪಾವತಿ ಉತ್ತೇಜಿಸುವ ಉದ್ದೇಶಕ್ಕೆ ಇದು ಹಿನ್ನಡೆ ಎಂದು ತಜ್ಞರು ಅಭಿಪ್ರಾಯಪಟ್ಟಿದ್ದಾರೆ. ಸರ್ಕಾರ ಈ ಬಗ್ಗೆ ಸ್ಪಷ್ಟ ಮಾರ್ಗಸೂಚಿ ಹೊರಡಿಸಬೇಕು ಎಂದು ಒತ್ತಾಯಿಸಲಾಗಿದೆ. ಸಣ್ಣ ವ್ಯಾಪಾರಿಗಳಿಗೆ ರಿಯಾಯಿತಿ ನೀಡುವ ಬಗ್ಗೆ ಚರ್ಚೆ ನಡೆಯುತ್ತಿದೆ. ಸಂಘಟನೆಗಳ ಪ್ರತಿನಿಧಿಗಳು ಸಚಿವರನ್ನು ಭೇಟಿ ಮಾಡಿ ಮನವಿ ಸಲ್ಲಿಸಲು ನಿರ್ಧರಿಸಿದ್ದಾರೆ.
ಬೆಂಗಳೂರು: ರಾಜ್ಯದಲ್ಲಿ ಸಣ್ಣಪುಟ್ಟ ವ್ಯಾಪಾರಿಗಳಿಗೆ ವಾಣಿಜ್ಯ ತೆರಿಗೆ ಇಲಾಖೆ ಜಿಎಸ್‌ಟಿ ನೋಟಿಸ್ ನೀಡಿರುವುದು ಆತಂಕ ಮೂಡಿಸಿದೆ. ಯುಪಿಐ ಮೂಲಕ ನಡೆದ ವಹಿವಾಟು ಆಧರಿಸಿ ನೋಟಿಸ್ ಜಾರಿಗೊಳಿಸಲಾಗಿದ್ದು ಲಕ್ಷಾಂತರ ರೂಪಾಯಿ ತೆರಿಗೆ ಪಾವತಿಸುವಂತೆ ಸೂಚಿಸಲಾಗಿದೆ. ಬೀದಿ ಬದಿ ವ್ಯಾಪಾರಿಗಳು, ಬೇಕರಿ, ಕಾಂಡಿಮೆಂಟ್ಸ್ ಅಂಗಡಿ ಮಾಲೀಕರು ನೋಟಿಸ್ ಪಡೆದು ಕಂಗಾಲಾಗಿದ್ದಾರೆ. ವಾರ್ಷಿಕ ವಹಿವಾಟು ಮಿತಿ ಮೀರಿದವರಿಗೆ ಮಾತ್ರ ನೋಟಿಸ್ ನೀಡಲಾಗಿದೆ ಎಂದು ಇಲಾಖೆ ಸ್ಪಷ್ಟಪಡಿಸಿದೆ. ವ್ಯಾಪಾರಿಗಳ ಸಂಘಟನೆಗಳು ಸರ್ಕಾರದ ಕ್ರಮವನ್ನು ಖಂಡಿಸಿದ್ದು ನೋಟಿಸ್ ಹಿಂಪಡೆಯುವಂತೆ ಆಗ್ರಹಿಸಿವೆ. ನಗದು ವಹಿವಾಟಿಗೆ ಮರಳುವ ಚಿಂತನೆ ವ್ಯಾಪಾರಿಗಳಲ್ಲಿ ಮೂಡಿದೆ. ಡಿಜಿಟಲ್ ಪಾವತಿ ಉತ್ತೇಜಿಸುವ ಉದ್ದೇಶಕ್ಕೆ ಇದು ಹಿನ್ನಡೆ ಎಂದು ತಜ್ಞರು ಅಭಿಪ್ರಾಯಪಟ್ಟಿದ್ದಾರೆ. ಸರ್ಕಾರ ಈ ಬಗ್ಗೆ ಸ್ಪಷ್ಟ ಮಾರ್ಗಸೂಚಿ ಹೊರಡಿಸಬೇಕು ಎಂದು ಒತ್ತಾಯಿಸಲಾಗಿದೆ. ಸಣ್ಣ ವ್ಯಾಪಾರಿಗಳಿಗೆ ರಿಯಾಯಿತಿ ನೀಡುವ ಬಗ್ಗೆ ಚರ್ಚೆ ನಡೆಯುತ್ತಿದೆ. ಸಂಘಟನೆಗಳ ಪ್ರತಿನಿಧಿಗಳು ಸಚಿವರನ್ನು ಭೇಟಿ ಮಾಡಿ ಮನವಿ ಸಲ್ಲಿಸಲು ನಿರ್ಧರಿಸಿದ್ದಾರೆ.
ವಿಧಾನ ಪರಿಷತ್ತಿಗೆ ನಾಮನಿರ್ದೇಶನ ಮಾಡಿಗ ಸಮುದಾಯಕ್ಕೆ ಬೆಂಗಳೂರು ನಗರ ಜಿಲ್ಲೆಯ ಕೋಲಿಯು
ವೆಂಕಟೇಶ್ ರವರನ್ನು ಆಯ್ಕೆ ಮಾಡಬೇಕು ಎಂದು 10 ವಿಧಾನಸಭಾ ಕ್ಷೇತ್ರದ ಮುಖಂಡರುಗಳ ಸಭೆ
ಬೆಂಗಳೂರು: ಯಲಹಂಕ ನಗರದ ಖಾಸಗಿ ಹೋಟೆಲ್‌ನಲ್ಲಿ ಮಡಿವಾಳ ಸಮುದಾಯದ ಮುಖಂಡರ ಸಭೆ ನಡೆಯಿತು. ವಿಧಾನ ಪರಿಷತ್ತಿಗೆ ನಾಮನಿರ್ದೇಶನ ಮಾಡುವಾಗ ಸಮುದಾಯಕ್ಕೆ ಆದ್ಯತೆ ನೀಡಬೇಕು. ಸುಮಾರು 40 ವರ್ಷಗಳಿಂದ ಪಕ್ಷಕ್ಕಾಗಿ ದುಡಿದಿರುವ ವೆಂಕಟೇಶ್ ಅವರನ್ನು ಆಯ್ಕೆ ಮಾಡಬೇಕು ಎಂದು ಒತ್ತಾಯಿಸಲಾಯಿತು. ಬೆಂಗಳೂರು ನಗರ ಜಿಲ್ಲೆಯ 10 ವಿಧಾನಸಭಾ ಕ್ಷೇತ್ರಗಳ ಮುಖಂಡರು ಸಭೆಯಲ್ಲಿ ಭಾಗವಹಿಸಿದ್ದರು. ಕಾಂಗ್ರೆಸ್ ಪಕ್ಷದ ವರಿಷ್ಠರಿಗೆ ಮನವಿ ಸಲ್ಲಿಸಲು ನಿರ್ಧರಿಸಲಾಯಿತು. ಸಮುದಾಯದ ಹಿರಿಯ ಮುಖಂಡರು, ಯುವ ಘಟಕದ ಪದಾಧಿಕಾರಿಗಳು ಉಪಸ್ಥಿತರಿದ್ದರು. ಸಮುದಾಯಕ್ಕೆ ರಾಜಕೀಯ ಪ್ರಾತಿನಿಧ್ಯ ಅಗತ್ಯ ಎಂದು ಮುಖಂಡರು ಅಭಿಪ್ರಾಯಪಟ್ಟರು. ಮುಖ್ಯಮಂತ್ರಿ ಹಾಗೂ ಉಪ ಮುಖ್ಯಮಂತ್ರಿಗಳನ್ನು ಭೇಟಿ ಮಾಡಲು ತೀರ್ಮಾನಿಸಲಾಯಿತು.
ಬೆಂಗಳೂರು: ಯಲಹಂಕ ನಗರದ ಖಾಸಗಿ ಹೋಟೆಲ್‌ನಲ್ಲಿ ಮಡಿವಾಳ ಸಮುದಾಯದ ಮುಖಂಡರ ಸಭೆ ನಡೆಯಿತು. ವಿಧಾನ ಪರಿಷತ್ತಿಗೆ ನಾಮನಿರ್ದೇಶನ ಮಾಡುವಾಗ ಸಮುದಾಯಕ್ಕೆ ಆದ್ಯತೆ ನೀಡಬೇಕು. ಸುಮಾರು 40 ವರ್ಷಗಳಿಂದ ಪಕ್ಷಕ್ಕಾಗಿ ದುಡಿದಿರುವ ವೆಂಕಟೇಶ್ ಅವರನ್ನು ಆಯ್ಕೆ ಮಾಡಬೇಕು ಎಂದು ಒತ್ತಾಯಿಸಲಾಯಿತು. ಬೆಂಗಳೂರು ನಗರ ಜಿಲ್ಲೆಯ 10 ವಿಧಾನಸಭಾ ಕ್ಷೇತ್ರಗಳ ಮುಖಂಡರು ಸಭೆಯಲ್ಲಿ ಭಾಗವಹಿಸಿದ್ದರು. ಕಾಂಗ್ರೆಸ್ ಪಕ್ಷದ ವರಿಷ್ಠರಿಗೆ ಮನವಿ ಸಲ್ಲಿಸಲು ನಿರ್ಧರಿಸಲಾಯಿತು. ಸಮುದಾಯದ ಹಿರಿಯ ಮುಖಂಡರು, ಯುವ ಘಟಕದ ಪದಾಧಿಕಾರಿಗಳು ಉಪಸ್ಥಿತರಿದ್ದರು. ಸಮುದಾಯಕ್ಕೆ ರಾಜಕೀಯ ಪ್ರಾತಿನಿಧ್ಯ ಅಗತ್ಯ ಎಂದು ಮುಖಂಡರು ಅಭಿಪ್ರಾಯಪಟ್ಟರು. ಮುಖ್ಯಮಂತ್ರಿ ಹಾಗೂ ಉಪ ಮುಖ್ಯಮಂತ್ರಿಗಳನ್ನು ಭೇಟಿ ಮಾಡಲು ತೀರ್ಮಾನಿಸಲಾಯಿತು.
ಬೆಂಗಳೂರು: ಯಲಹಂಕ ನಗರದ ಖಾಸಗಿ ಹೋಟೆಲ್‌ನಲ್ಲಿ ಮಡಿವಾಳ ಸಮುದಾಯದ ಮುಖಂಡರ ಸಭೆ ನಡೆಯಿತು. ವಿಧಾನ ಪರಿಷತ್ತಿಗೆ ನಾಮನಿರ್ದೇಶನ ಮಾಡುವಾಗ ಸಮುದಾಯಕ್ಕೆ ಆದ್ಯತೆ ನೀಡಬೇಕು. ಸುಮಾರು 40 ವರ್ಷಗಳಿಂದ ಪಕ್ಷಕ್ಕಾಗಿ ದುಡಿದಿರುವ ವೆಂಕಟೇಶ್ ಅವರನ್ನು ಆಯ್ಕೆ ಮಾಡಬೇಕು ಎಂದು ಒತ್ತಾಯಿಸಲಾಯಿತು. ಬೆಂಗಳೂರು ನಗರ ಜಿಲ್ಲೆಯ 10 ವಿಧಾನಸಭಾ ಕ್ಷೇತ್ರಗಳ ಮುಖಂಡರು ಸಭೆಯಲ್ಲಿ ಭಾಗವಹಿಸಿದ್ದರು. ಕಾಂಗ್ರೆಸ್ ಪಕ್ಷದ ವರಿಷ್ಠರಿಗೆ ಮನವಿ ಸಲ್ಲಿಸಲು ನಿರ್ಧರಿಸಲಾಯಿತು. ಸಮುದಾಯದ ಹಿರಿಯ ಮುಖಂಡರು, ಯುವ ಘಟಕದ ಪದಾಧಿಕಾರಿಗಳು ಉಪಸ್ಥಿತರಿದ್ದರು. ಸಮುದಾಯಕ್ಕೆ ರಾಜಕೀಯ ಪ್ರಾತಿನಿಧ್ಯ ಅಗತ್ಯ ಎಂದು ಮುಖಂಡರು ಅಭಿಪ್ರಾಯಪಟ್ಟರು. ಮುಖ್ಯಮಂತ್ರಿ ಹಾಗೂ ಉಪ ಮುಖ್ಯಮಂತ್ರಿಗಳನ್ನು ಭೇಟಿ ಮಾಡಲು ತೀರ್ಮಾನಿಸಲಾಯಿತು.
